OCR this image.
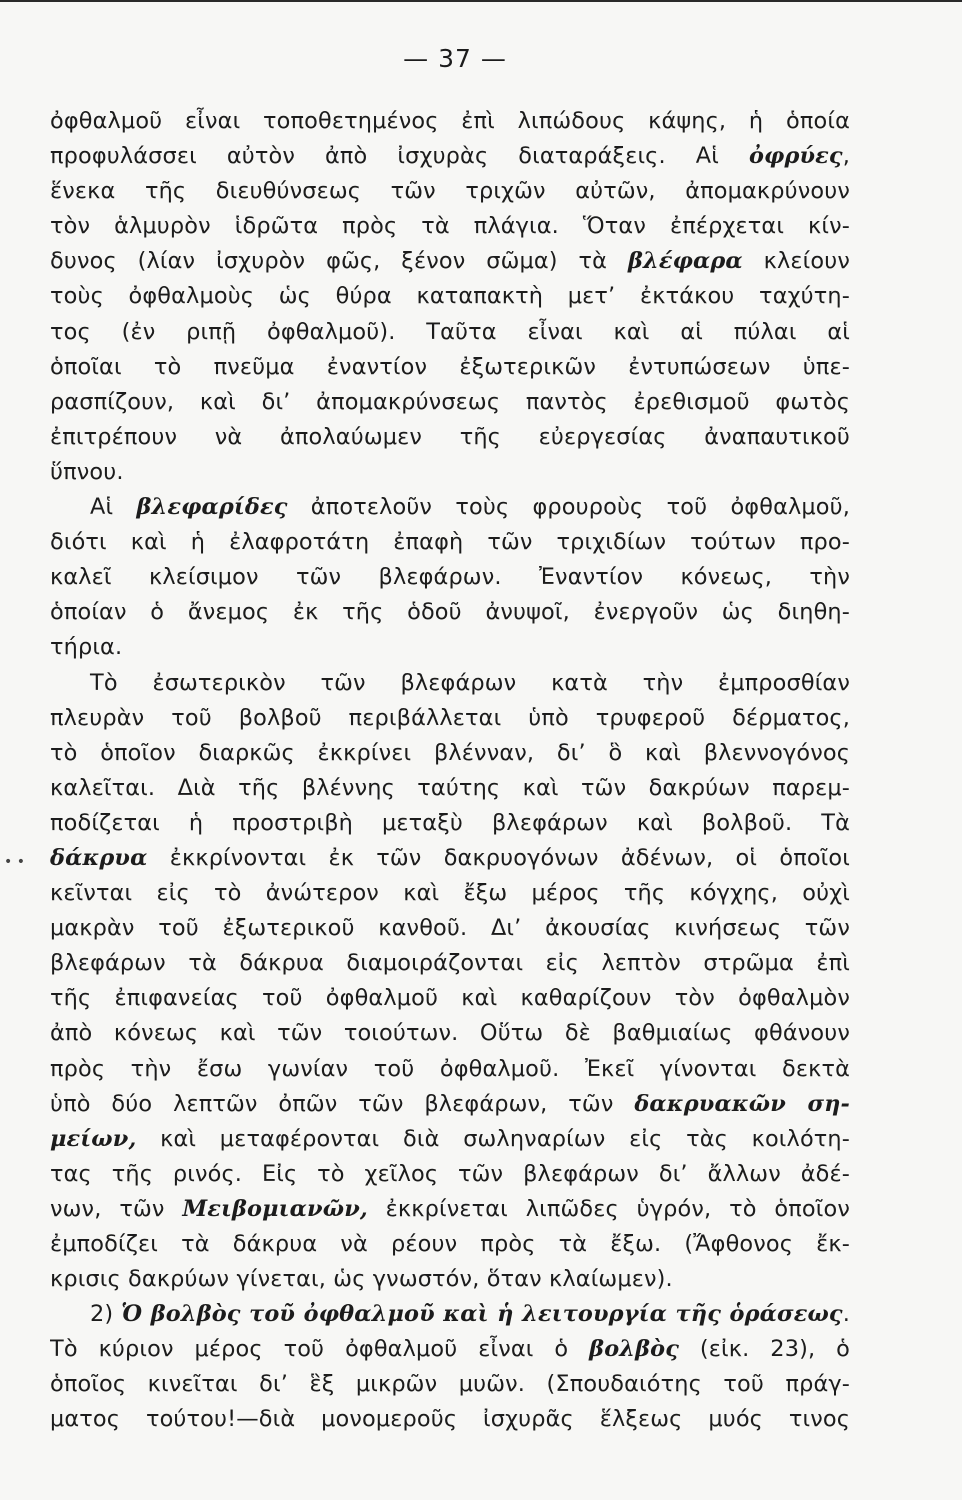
— 37 —
• •
ὀφθαλμοῦ εἶναι τοποθετημένος ἐπὶ λιπώδους κάψης, ἡ ὁποία
προφυλάσσει αὐτὸν ἀπὸ ἰσχυρὰς διαταράξεις. Αἱ ὀφρύες,
ἕνεκα τῆς διευθύνσεως τῶν τριχῶν αὐτῶν, ἀπομακρύνουν
τὸν ἁλμυρὸν ἱδρῶτα πρὸς τὰ πλάγια. Ὅταν ἐπέρχεται κίν-
δυνος (λίαν ἰσχυρὸν φῶς, ξένον σῶμα) τὰ βλέφαρα κλείουν
τοὺς ὀφθαλμοὺς ὡς θύρα καταπακτὴ μετ’ ἐκτάκου ταχύτη-
τος (ἐν ριπῇ ὀφθαλμοῦ). Ταῦτα εἶναι καὶ αἱ πύλαι αἱ
ὁποῖαι τὸ πνεῦμα ἐναντίον ἐξωτερικῶν ἐντυπώσεων ὑπε-
ρασπίζουν, καὶ δι’ ἀπομακρύνσεως παντὸς ἐρεθισμοῦ φωτὸς
ἐπιτρέπουν νὰ ἀπολαύωμεν τῆς εὐεργεσίας ἀναπαυτικοῦ
ὕπνου.
Αἱ βλεφαρίδες ἀποτελοῦν τοὺς φρουροὺς τοῦ ὀφθαλμοῦ,
διότι καὶ ἡ ἐλαφροτάτη ἐπαφὴ τῶν τριχιδίων τούτων προ-
καλεῖ κλείσιμον τῶν βλεφάρων. Ἐναντίον κόνεως, τὴν
ὁποίαν ὁ ἄνεμος ἐκ τῆς ὁδοῦ ἀνυψοῖ, ἐνεργοῦν ὡς διηθη-
τήρια.
Τὸ ἐσωτερικὸν τῶν βλεφάρων κατὰ τὴν ἐμπροσθίαν
πλευρὰν τοῦ βολβοῦ περιβάλλεται ὑπὸ τρυφεροῦ δέρματος,
τὸ ὁποῖον διαρκῶς ἐκκρίνει βλένναν, δι’ ὃ καὶ βλεννογόνος
καλεῖται. Διὰ τῆς βλέννης ταύτης καὶ τῶν δακρύων παρεμ-
ποδίζεται ἡ προστριβὴ μεταξὺ βλεφάρων καὶ βολβοῦ. Τὰ
δάκρυα ἐκκρίνονται ἐκ τῶν δακρυογόνων ἀδένων, οἱ ὁποῖοι
κεῖνται εἰς τὸ ἀνώτερον καὶ ἔξω μέρος τῆς κόγχης, οὐχὶ
μακρὰν τοῦ ἐξωτερικοῦ κανθοῦ. Δι’ ἀκουσίας κινήσεως τῶν
βλεφάρων τὰ δάκρυα διαμοιράζονται εἰς λεπτὸν στρῶμα ἐπὶ
τῆς ἐπιφανείας τοῦ ὀφθαλμοῦ καὶ καθαρίζουν τὸν ὀφθαλμὸν
ἀπὸ κόνεως καὶ τῶν τοιούτων. Οὕτω δὲ βαθμιαίως φθάνουν
πρὸς τὴν ἔσω γωνίαν τοῦ ὀφθαλμοῦ. Ἐκεῖ γίνονται δεκτὰ
ὑπὸ δύο λεπτῶν ὀπῶν τῶν βλεφάρων, τῶν δακρυακῶν ση-
μείων, καὶ μεταφέρονται διὰ σωληναρίων εἰς τὰς κοιλότη-
τας τῆς ρινός. Εἰς τὸ χεῖλος τῶν βλεφάρων δι’ ἄλλων ἀδέ-
νων, τῶν Μειβομιανῶν, ἐκκρίνεται λιπῶδες ὑγρόν, τὸ ὁποῖον
ἐμποδίζει τὰ δάκρυα νὰ ρέουν πρὸς τὰ ἔξω. (Ἄφθονος ἔκ-
κρισις δακρύων γίνεται, ὡς γνωστόν, ὅταν κλαίωμεν).
2) Ὁ βολβὸς τοῦ ὀφθαλμοῦ καὶ ἡ λειτουργία τῆς ὁράσεως.
Τὸ κύριον μέρος τοῦ ὀφθαλμοῦ εἶναι ὁ βολβὸς (εἰκ. 23), ὁ
ὁποῖος κινεῖται δι’ ἓξ μικρῶν μυῶν. (Σπουδαιότης τοῦ πράγ-
ματος τούτου!—διὰ μονομεροῦς ἰσχυρᾶς ἕλξεως μυός τινος
